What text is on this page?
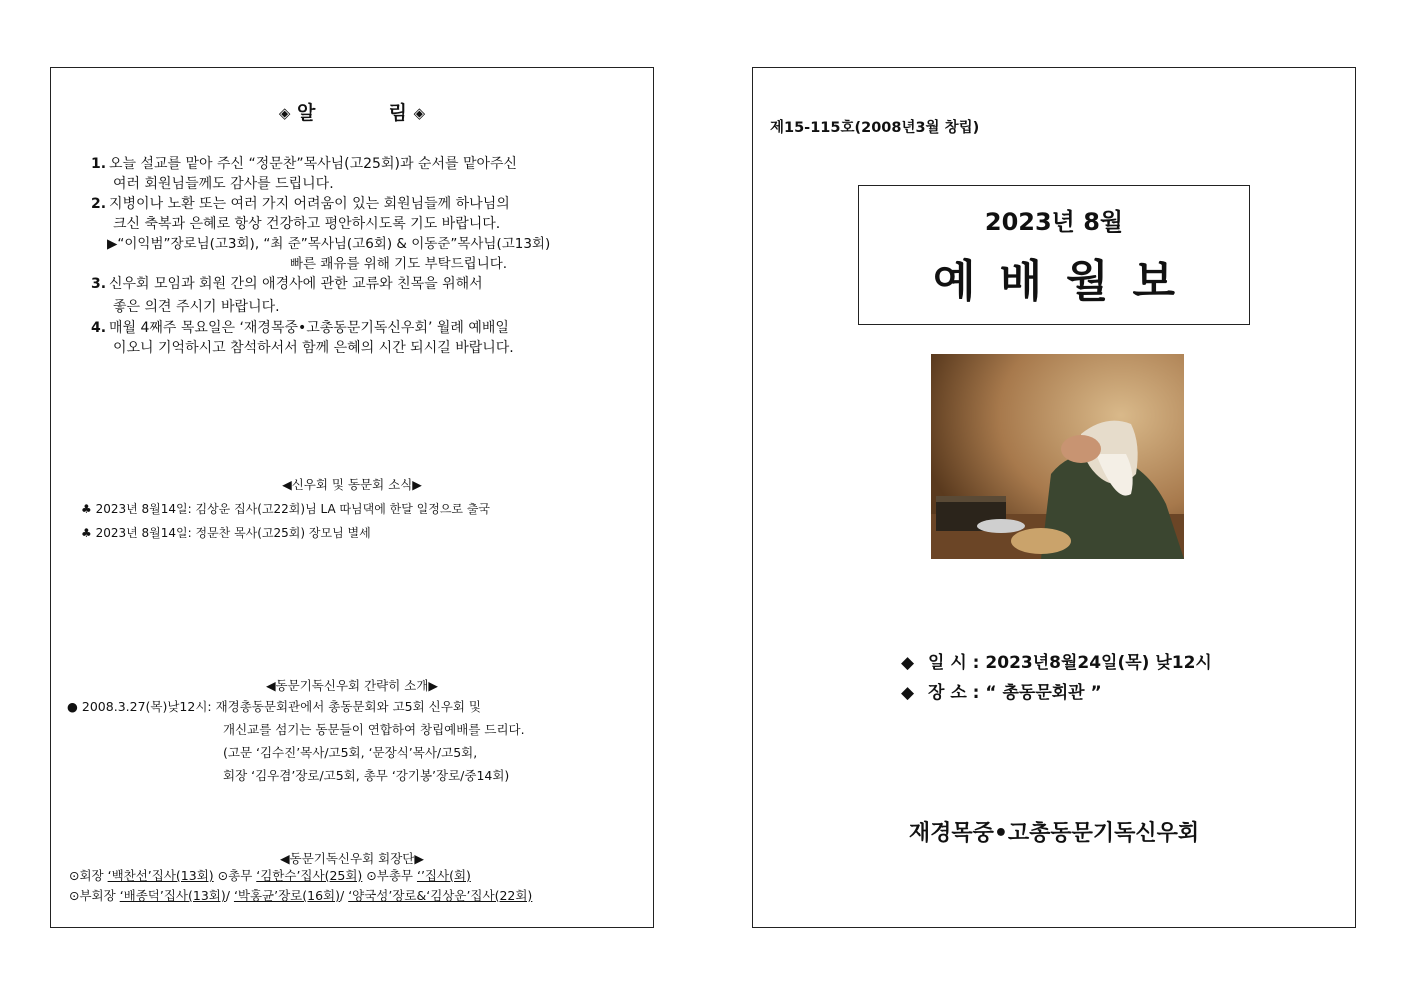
◈ 알	림 ◈
1. 오늘 설교를 맡아 주신 “정문찬”목사님(고25회)과 순서를 맡아주신
여러 회원님들께도 감사를 드립니다.
2. 지병이나 노환 또는 여러 가지 어려움이 있는 회원님들께 하나님의
크신 축복과 은혜로 항상 건강하고 평안하시도록 기도 바랍니다.
▶“이익범”장로님(고3회), “최 준”목사님(고6회) & 이동준”목사님(고13회)
빠른 쾌유를 위해 기도 부탁드립니다.
3. 신우회 모임과 회원 간의 애경사에 관한 교류와 친목을 위해서
좋은 의견 주시기 바랍니다.
4. 매월 4째주 목요일은 ‘재경목중•고총동문기독신우회’ 월례 예배일
이오니 기억하시고 참석하서서 함께 은혜의 시간 되시길 바랍니다.
◀신우회 및 동문회 소식▶
♣ 2023년 8월14일: 김상운 집사(고22회)님 LA 따님댁에 한달 일정으로 출국
♣ 2023년 8월14일: 정문찬 목사(고25회) 장모님 별세
◀동문기독신우회 간략히 소개▶
● 2008.3.27(목)낮12시: 재경총동문회관에서 총동문회와 고5회 신우회 및
개신교를 섬기는 동문들이 연합하여 창립예배를 드리다.
(고문 ‘김수진’목사/고5회, ‘문장식’목사/고5회,
회장 ‘김우겸’장로/고5회, 총무 ‘강기봉’장로/중14회)
◀동문기독신우회 회장단▶
⊙회장 ‘백찬선’집사(13회) ⊙총무 ‘김한수’집사(25회) ⊙부총무 ‘’집사(회)
⊙부회장 ‘배종덕’집사(13회)/ ‘박홍균’장로(16회)/ ‘양국성’장로&‘김상운’집사(22회)
제15-115호(2008년3월 창립)
2023년 8월
예배월보
◆ 일 시 : 2023년8월24일(목) 낮12시
◆ 장 소 : “ 총동문회관 ”
재경목중•고총동문기독신우회
